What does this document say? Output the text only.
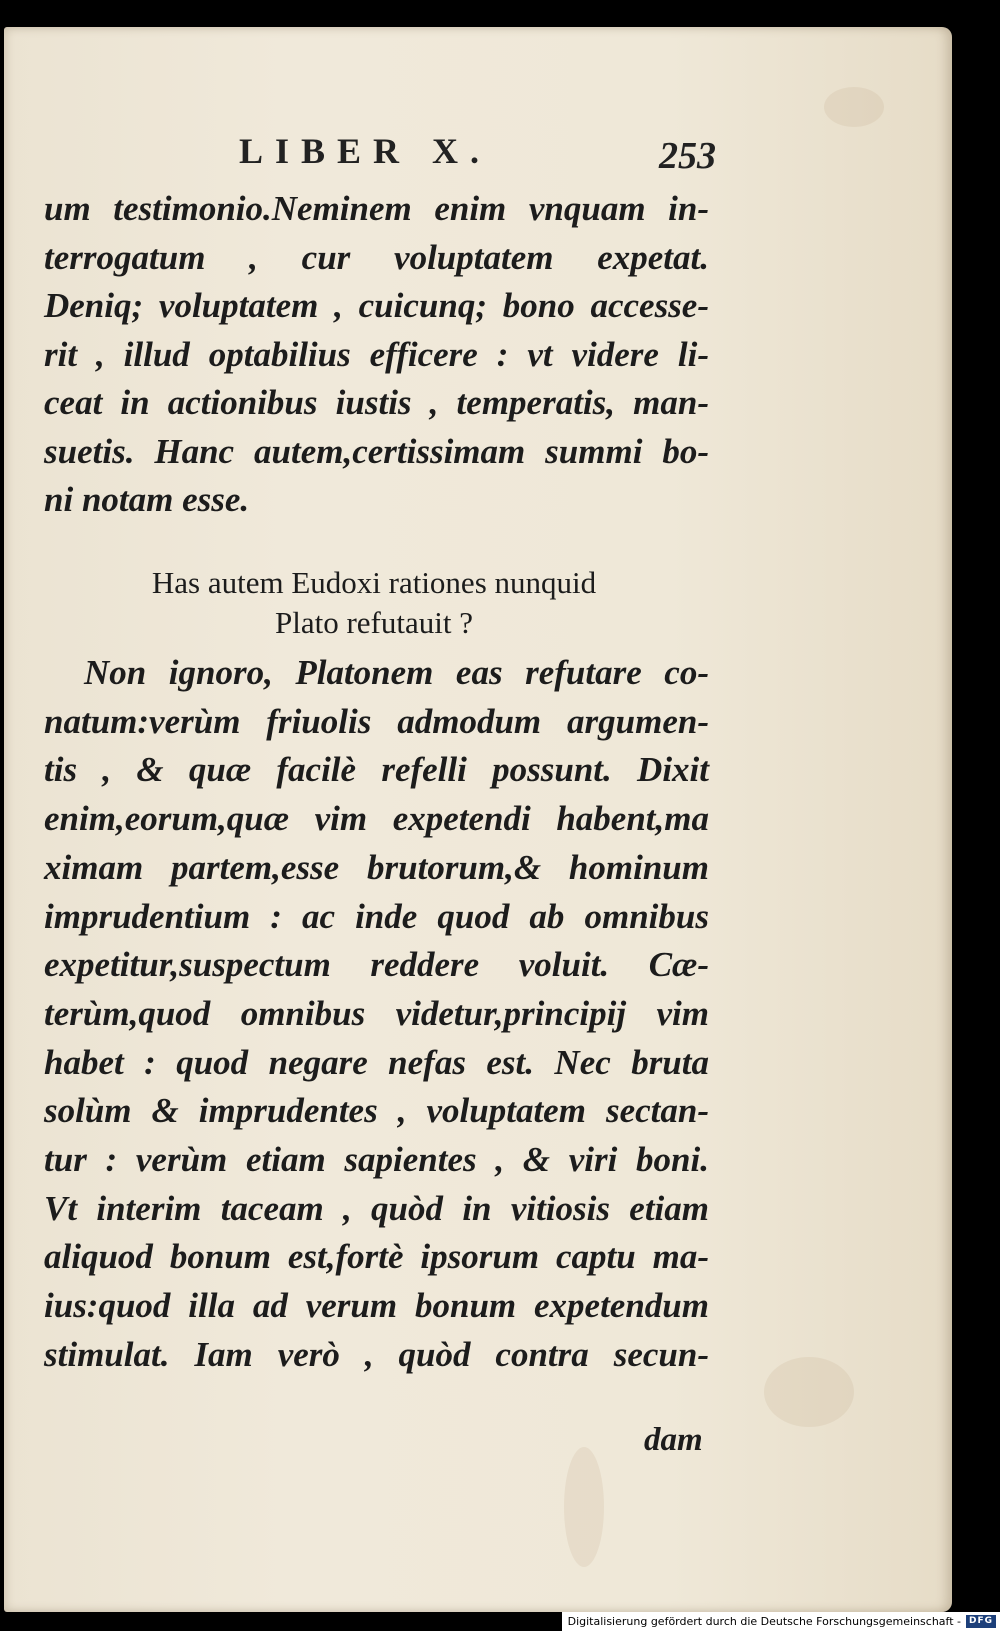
LIBER X.	253
um testimonio.Neminem enim vnquam in-
terrogatum , cur voluptatem expetat.
Deniq; voluptatem , cuicunq; bono accesse-
rit , illud optabilius efficere : vt videre li-
ceat in actionibus iustis , temperatis, man-
suetis. Hanc autem,certissimam summi bo-
ni notam esse.
Has autem Eudoxi rationes nunquid
Plato refutauit ?
Non ignoro, Platonem eas refutare co-
natum:verùm friuolis admodum argumen-
tis , & quæ facilè refelli possunt. Dixit
enim,eorum,quæ vim expetendi habent,ma
ximam partem,esse brutorum,& hominum
imprudentium : ac inde quod ab omnibus
expetitur,suspectum reddere voluit. Cæ-
terùm,quod omnibus videtur,principij vim
habet : quod negare nefas est. Nec bruta
solùm & imprudentes , voluptatem sectan-
tur : verùm etiam sapientes , & viri boni.
Vt interim taceam , quòd in vitiosis etiam
aliquod bonum est,fortè ipsorum captu ma-
ius:quod illa ad verum bonum expetendum
stimulat. Iam verò , quòd contra secun-
dam
Digitalisierung gefördert durch die Deutsche Forschungsgemeinschaft - DFG
